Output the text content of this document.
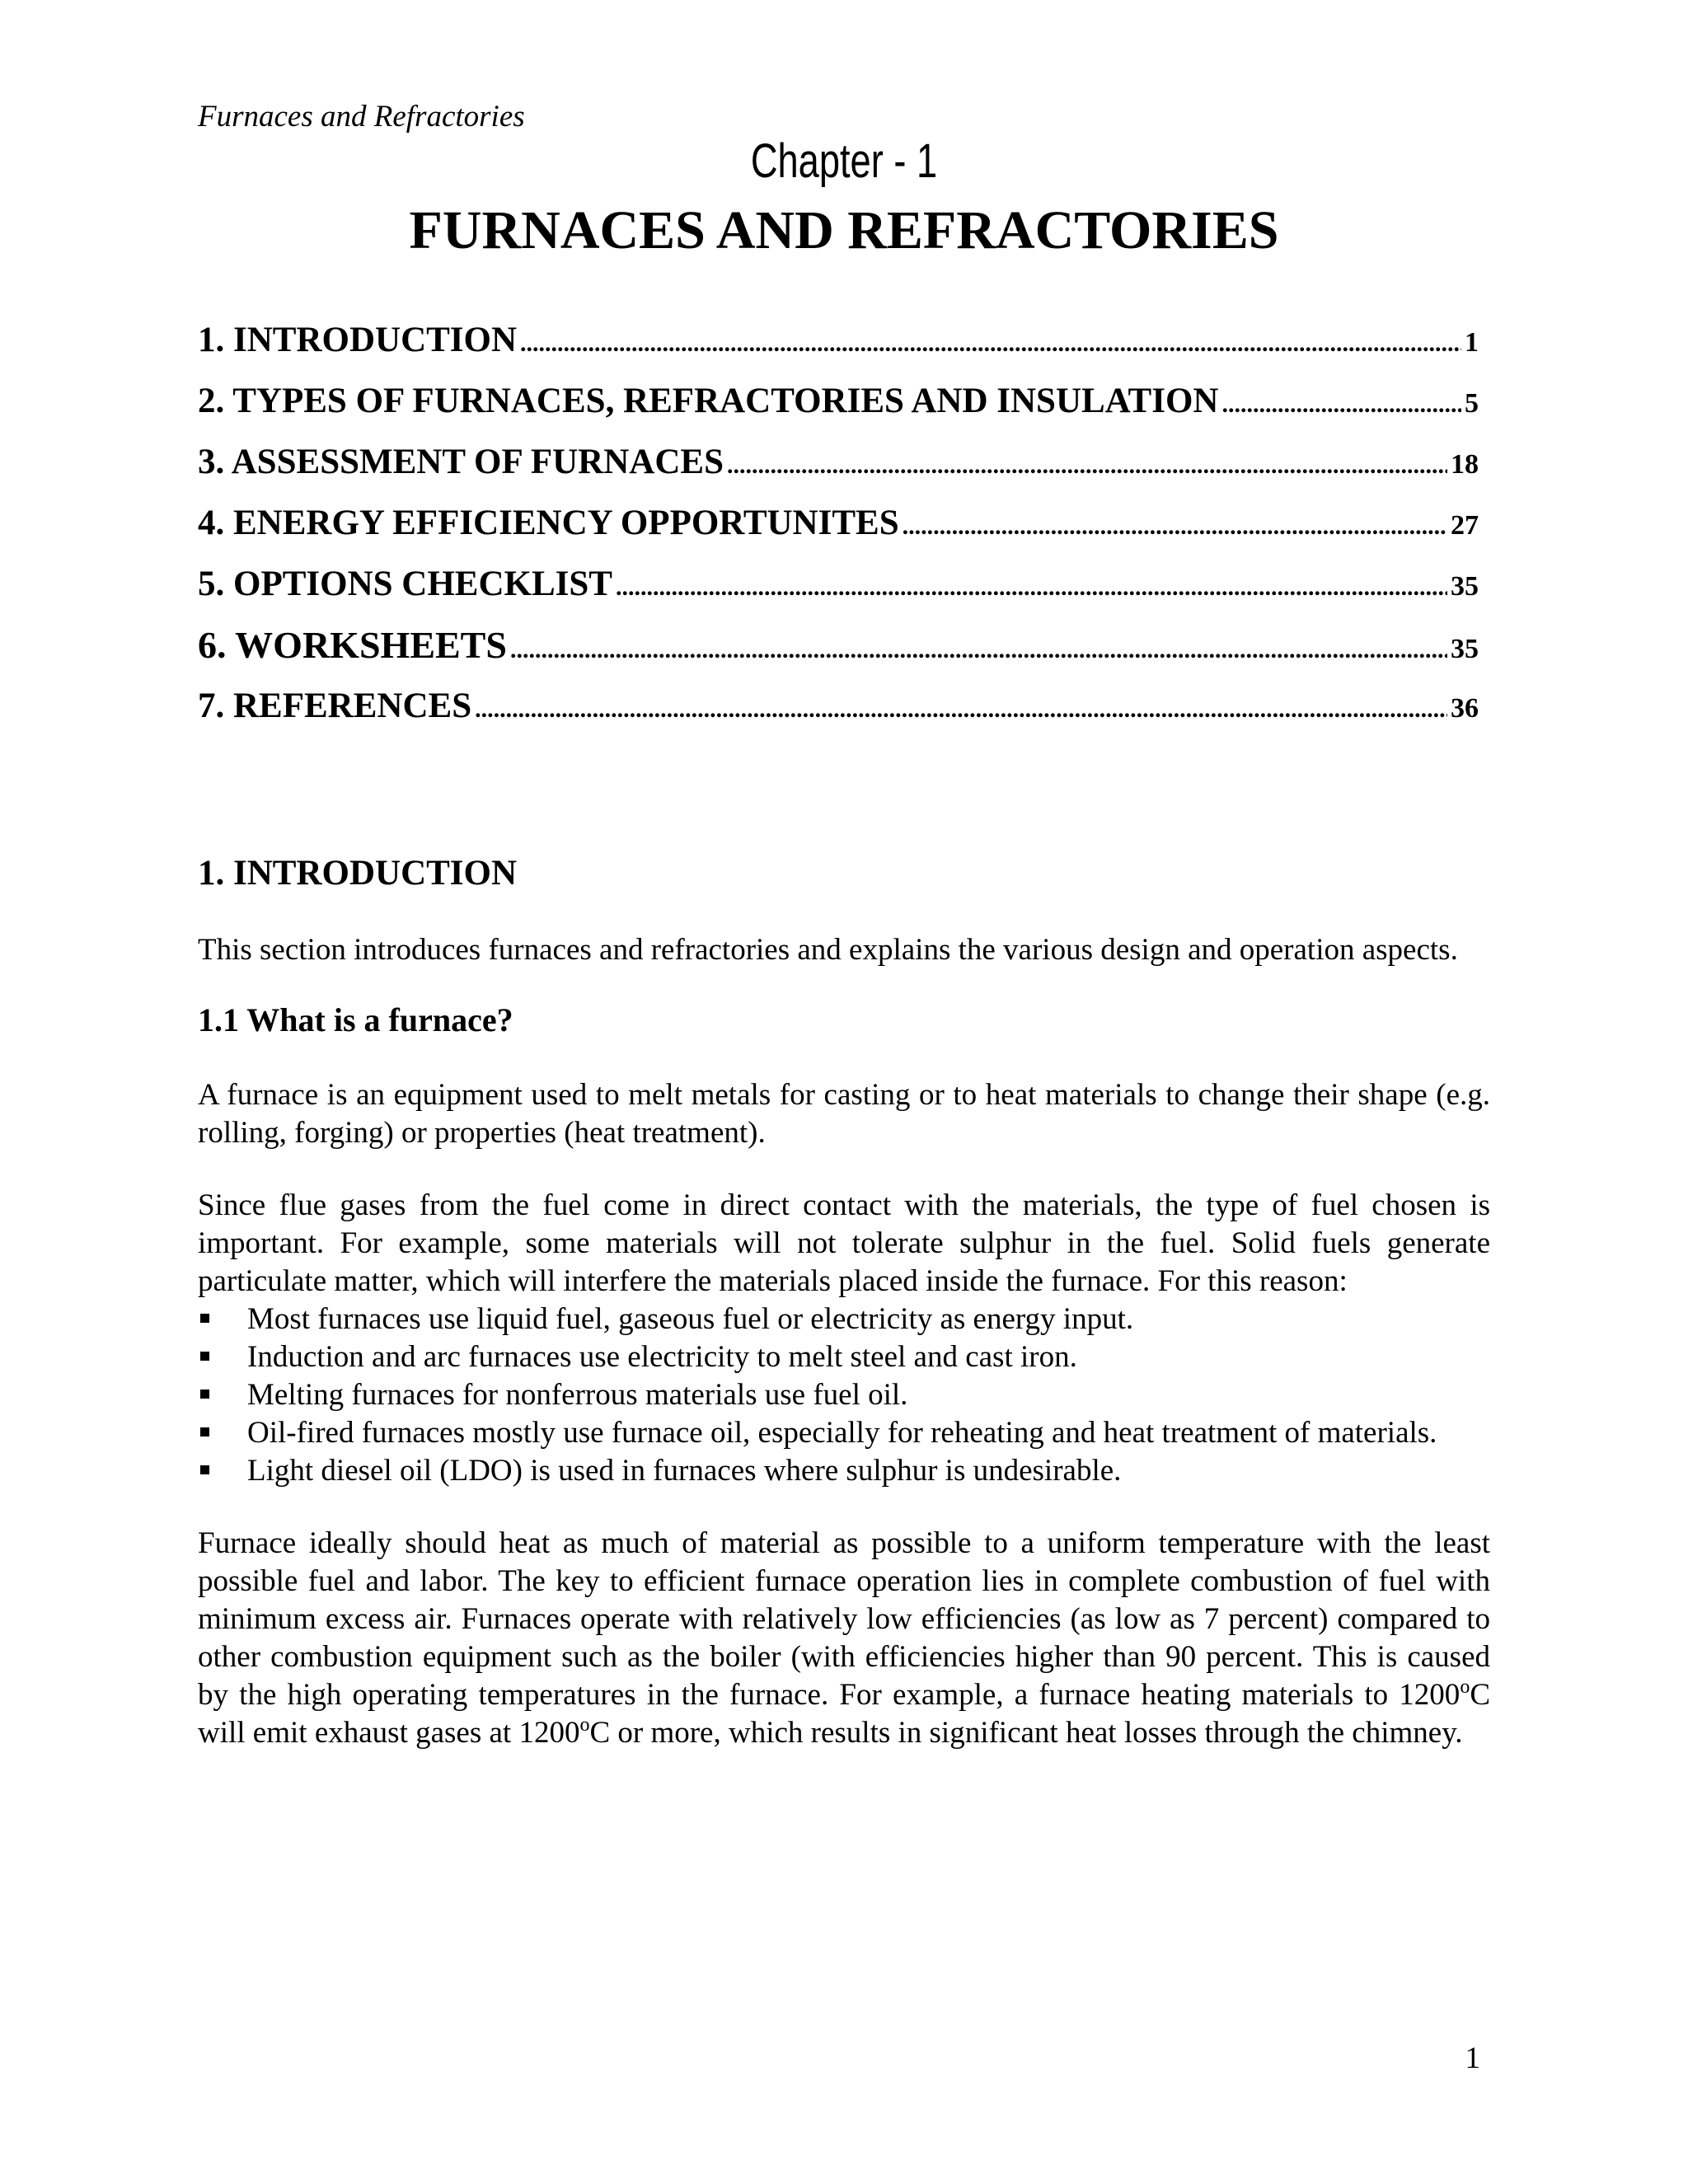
Furnaces and Refractories
Chapter - 1
FURNACES AND REFRACTORIES
1. INTRODUCTION .....	1
2. TYPES OF FURNACES, REFRACTORIES AND INSULATION .....	5
3. ASSESSMENT OF FURNACES .....	18
4. ENERGY EFFICIENCY OPPORTUNITES .....	27
5. OPTIONS CHECKLIST .....	35
6. WORKSHEETS .....	35
7. REFERENCES .....	36
1. INTRODUCTION

This section introduces furnaces and refractories and explains the various design and operation aspects.

1.1 What is a furnace?

A furnace is an equipment used to melt metals for casting or to heat materials to change their shape (e.g. rolling, forging) or properties (heat treatment).

Since flue gases from the fuel come in direct contact with the materials, the type of fuel chosen is important. For example, some materials will not tolerate sulphur in the fuel. Solid fuels generate particulate matter, which will interfere the materials placed inside the furnace. For this reason:

Most furnaces use liquid fuel, gaseous fuel or electricity as energy input.
Induction and arc furnaces use electricity to melt steel and cast iron.
Melting furnaces for nonferrous materials use fuel oil.
Oil-fired furnaces mostly use furnace oil, especially for reheating and heat treatment of materials.
Light diesel oil (LDO) is used in furnaces where sulphur is undesirable.

Furnace ideally should heat as much of material as possible to a uniform temperature with the least possible fuel and labor. The key to efficient furnace operation lies in complete combustion of fuel with minimum excess air. Furnaces operate with relatively low efficiencies (as low as 7 percent) compared to other combustion equipment such as the boiler (with efficiencies higher than 90 percent. This is caused by the high operating temperatures in the furnace. For example, a furnace heating materials to 1200$^o$C will emit exhaust gases at 1200$^o$C or more, which results in significant heat losses through the chimney.

1
